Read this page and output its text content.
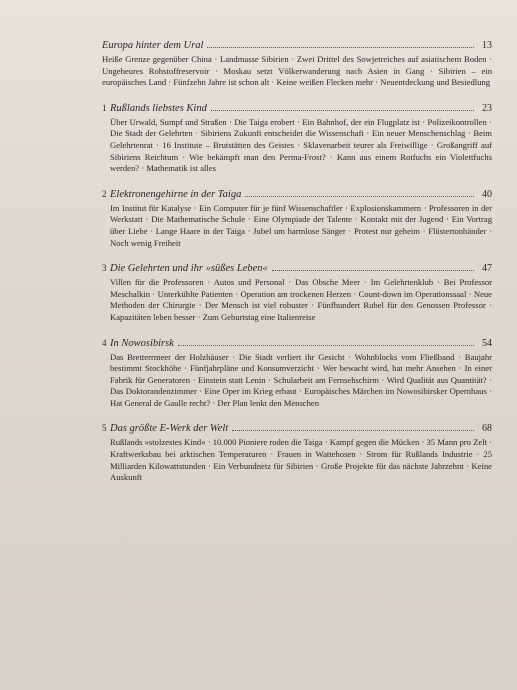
Europa hinter dem Ural	13
Heiße Grenze gegenüber China · Landmasse Sibirien · Zwei Drittel des Sowjetreiches auf asiatischem Boden · Ungeheures Rohstoffreservoir · Moskau setzt Völkerwanderung nach Asien in Gang · Sibirien – ein europäisches Land · Fünfzehn Jahre ist schon alt · Keine weißen Flecken mehr · Neuentdeckung und Besiedlung
1 Rußlands liebstes Kind	23
Über Urwald, Sumpf und Straßen · Die Taiga erobert · Ein Bahnhof, der ein Flugplatz ist · Polizeikontrollen · Die Stadt der Gelehrten · Sibiriens Zukunft entscheidet die Wissenschaft · Ein neuer Menschenschlag · Beim Gelehrtenrat · 16 Institute – Brutstätten des Geistes · Sklavenarbeit teurer als Freiwillige · Großangriff auf Sibiriens Reichtum · Wie bekämpft man den Perma-Frost? · Kann aus einem Rotfuchs ein Violettfuchs werden? · Mathematik ist alles
2 Elektronengehirne in der Taiga	40
Im Institut für Katalyse · Ein Computer für je fünf Wissenschaftler · Explosionskammern · Professoren in der Werkstatt · Die Mathematische Schule · Eine Olympiade der Talente · Kontakt mit der Jugend · Ein Vortrag über Liebe · Lange Haare in der Taiga · Jubel um harmlose Sänger · Protest nur geheim · Flüstertonbänder · Noch wenig Freiheit
3 Die Gelehrten und ihr »süßes Leben«	47
Villen für die Professoren · Autos und Personal · Das Obsche Meer · Im Gelehrtenklub · Bei Professor Meschalkin · Unterkühlte Patienten · Operation am trockenen Herzen · Count-down im Operationssaal · Neue Methoden der Chirurgie · Der Mensch ist viel robuster · Fünfhundert Rubel für den Genossen Professor · Kapazitäten leben besser · Zum Geburtstag eine Italienreise
4 In Nowosibirsk	54
Das Bretterrmeer der Holzhäuser · Die Stadt verliert ihr Gesicht · Wohnblocks vom Fließband · Baujahr bestimmt Stockhöhe · Fünfjahrpläne und Konsumverzicht · Wer bewacht wird, hat mehr Ansehen · In einer Fabrik für Generatoren · Einstein statt Lenin · Schularbeit am Fernsehschirm · Wird Qualität aus Quantität? · Das Doktorandenzimmer · Eine Oper im Krieg erbaut · Europäisches Märchen im Nowosibirsker Opernhaus · Hat General de Gaulle recht? · Der Plan lenkt den Menschen
5 Das größte E-Werk der Welt	68
Rußlands »stolzestes Kind« · 10.000 Pioniere roden die Taiga · Kampf gegen die Mücken · 35 Mann pro Zelt · Kraftwerksbau bei arktischen Temperaturen · Frauen in Wattehosen · Strom für Rußlands Industrie · 25 Milliarden Kilowattstunden · Ein Verbundnetz für Sibirien · Große Projekte für das nächste Jahrzehnt · Keine Auskunft
